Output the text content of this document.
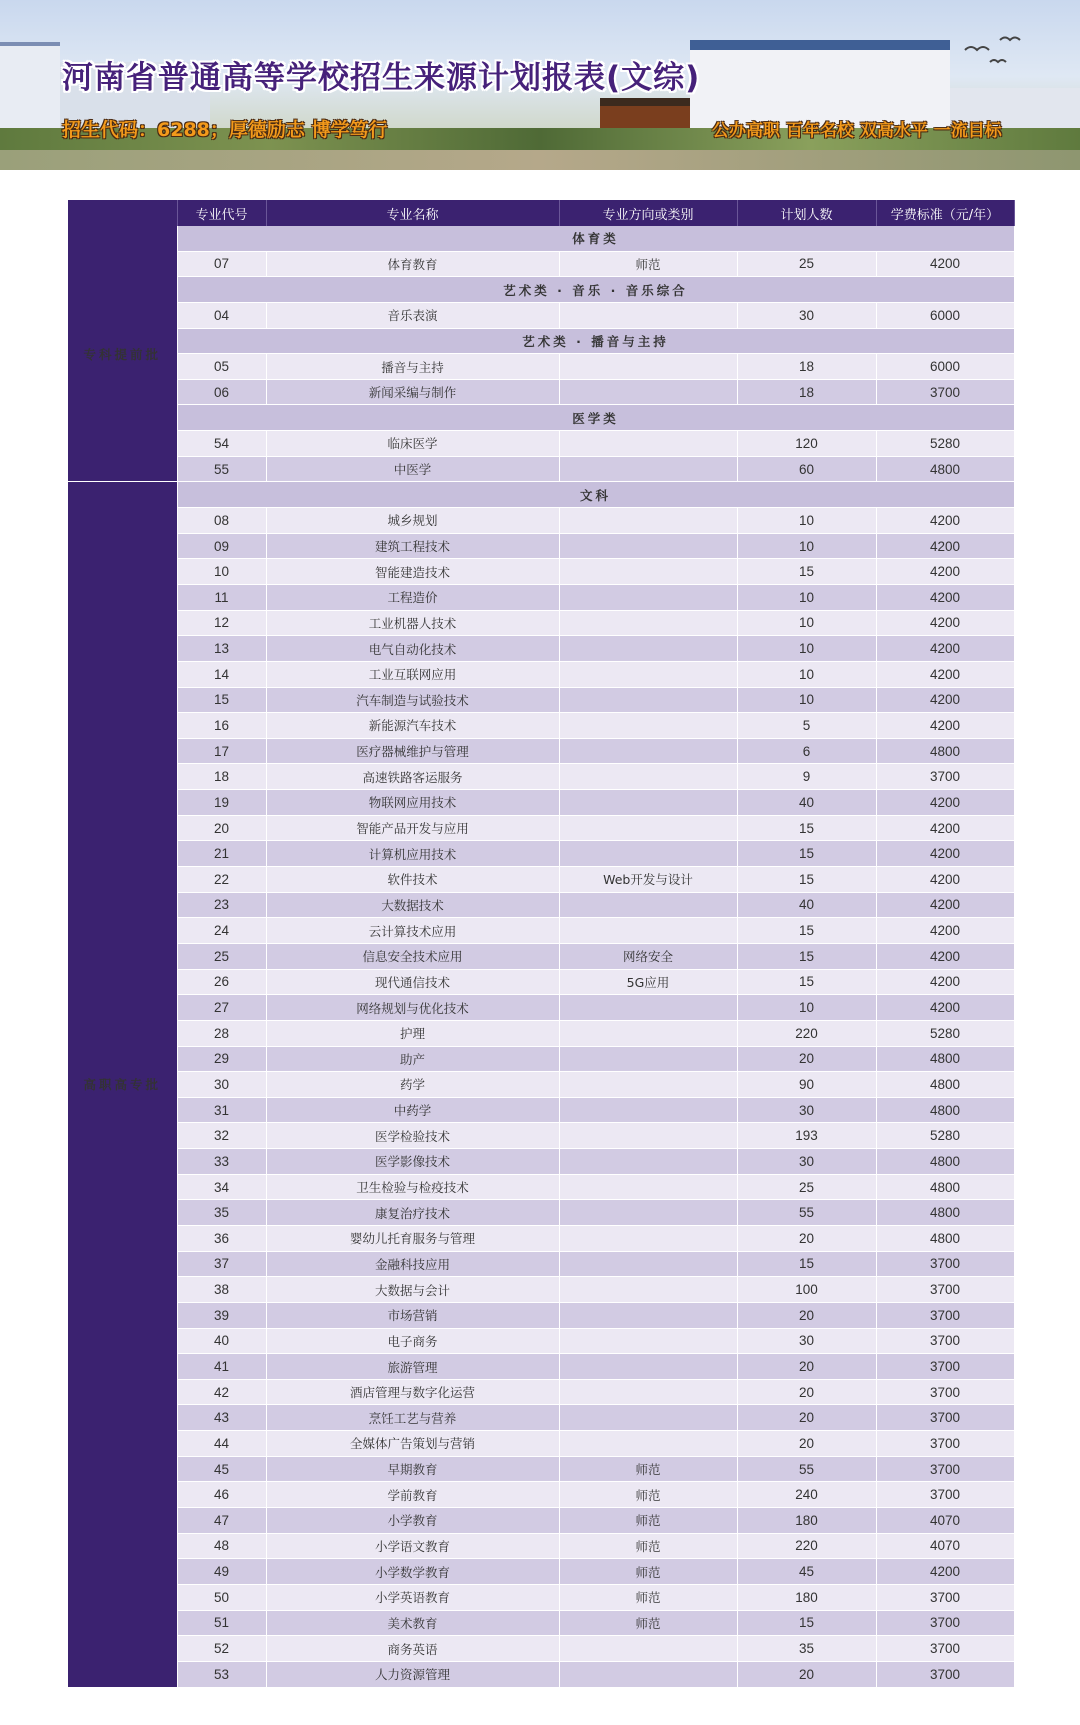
河南省普通高等学校招生来源计划报表(文综)
招生代码：6288；厚德励志 博学笃行	公办高职 百年名校 双高水平 一流目标
	专业代号	专业名称	专业方向或类别	计划人数	学费标准（元/年）
专科提前批	体育类				
	07	体育教育	师范	25	4200
	艺术类 · 音乐 · 音乐综合				
	04	音乐表演		30	6000
	艺术类 · 播音与主持				
	05	播音与主持		18	6000
	06	新闻采编与制作		18	3700
	医学类				
	54	临床医学		120	5280
	55	中医学		60	4800
高职高专批	文科				
	08	城乡规划		10	4200
	09	建筑工程技术		10	4200
	10	智能建造技术		15	4200
	11	工程造价		10	4200
	12	工业机器人技术		10	4200
	13	电气自动化技术		10	4200
	14	工业互联网应用		10	4200
	15	汽车制造与试验技术		10	4200
	16	新能源汽车技术		5	4200
	17	医疗器械维护与管理		6	4800
	18	高速铁路客运服务		9	3700
	19	物联网应用技术		40	4200
	20	智能产品开发与应用		15	4200
	21	计算机应用技术		15	4200
	22	软件技术	Web开发与设计	15	4200
	23	大数据技术		40	4200
	24	云计算技术应用		15	4200
	25	信息安全技术应用	网络安全	15	4200
	26	现代通信技术	5G应用	15	4200
	27	网络规划与优化技术		10	4200
	28	护理		220	5280
	29	助产		20	4800
	30	药学		90	4800
	31	中药学		30	4800
	32	医学检验技术		193	5280
	33	医学影像技术		30	4800
	34	卫生检验与检疫技术		25	4800
	35	康复治疗技术		55	4800
	36	婴幼儿托育服务与管理		20	4800
	37	金融科技应用		15	3700
	38	大数据与会计		100	3700
	39	市场营销		20	3700
	40	电子商务		30	3700
	41	旅游管理		20	3700
	42	酒店管理与数字化运营		20	3700
	43	烹饪工艺与营养		20	3700
	44	全媒体广告策划与营销		20	3700
	45	早期教育	师范	55	3700
	46	学前教育	师范	240	3700
	47	小学教育	师范	180	4070
	48	小学语文教育	师范	220	4070
	49	小学数学教育	师范	45	4200
	50	小学英语教育	师范	180	3700
	51	美术教育	师范	15	3700
	52	商务英语		35	3700
	53	人力资源管理		20	3700
